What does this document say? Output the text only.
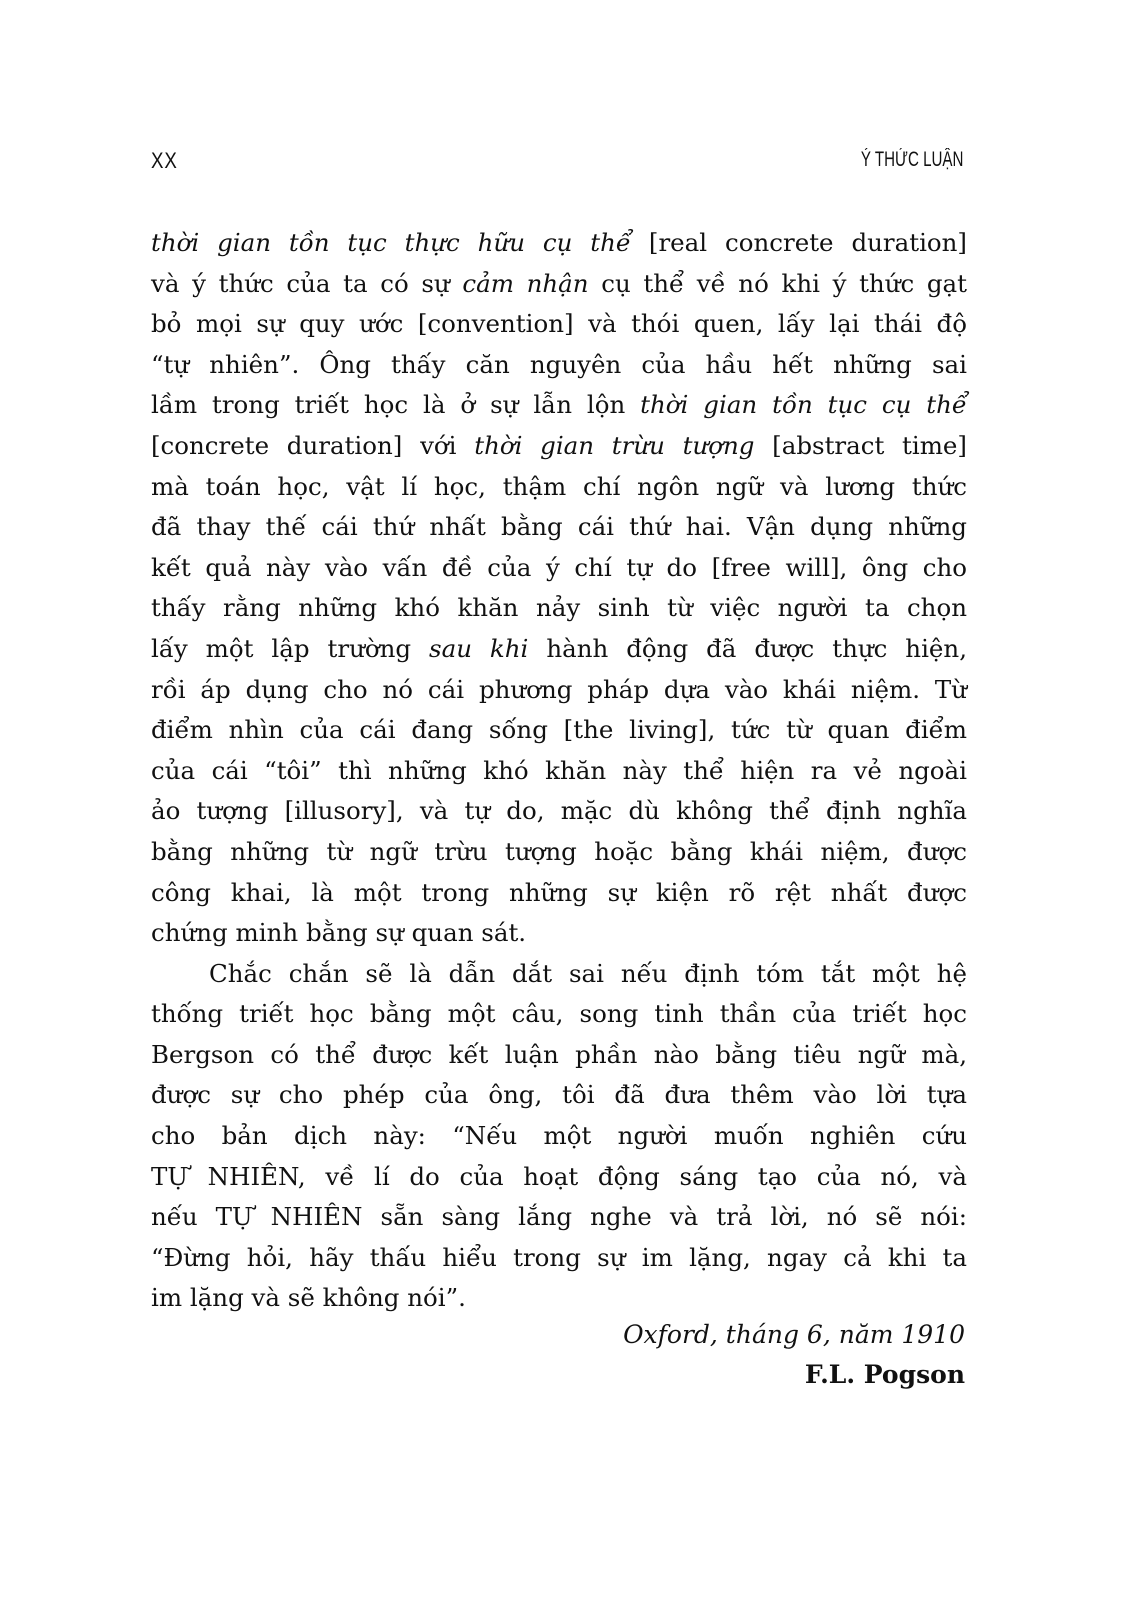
XX	Ý THỨC LUẬN
thời gian tồn tục thực hữu cụ thể [real concrete duration]
và ý thức của ta có sự cảm nhận cụ thể về nó khi ý thức gạt
bỏ mọi sự quy ước [convention] và thói quen, lấy lại thái độ
“tự nhiên”. Ông thấy căn nguyên của hầu hết những sai
lầm trong triết học là ở sự lẫn lộn thời gian tồn tục cụ thể
[concrete duration] với thời gian trừu tượng [abstract time]
mà toán học, vật lí học, thậm chí ngôn ngữ và lương thức
đã thay thế cái thứ nhất bằng cái thứ hai. Vận dụng những
kết quả này vào vấn đề của ý chí tự do [free will], ông cho
thấy rằng những khó khăn nảy sinh từ việc người ta chọn
lấy một lập trường sau khi hành động đã được thực hiện,
rồi áp dụng cho nó cái phương pháp dựa vào khái niệm. Từ
điểm nhìn của cái đang sống [the living], tức từ quan điểm
của cái “tôi” thì những khó khăn này thể hiện ra vẻ ngoài
ảo tượng [illusory], và tự do, mặc dù không thể định nghĩa
bằng những từ ngữ trừu tượng hoặc bằng khái niệm, được
công khai, là một trong những sự kiện rõ rệt nhất được
chứng minh bằng sự quan sát.
Chắc chắn sẽ là dẫn dắt sai nếu định tóm tắt một hệ
thống triết học bằng một câu, song tinh thần của triết học
Bergson có thể được kết luận phần nào bằng tiêu ngữ mà,
được sự cho phép của ông, tôi đã đưa thêm vào lời tựa
cho bản dịch này: “Nếu một người muốn nghiên cứu
TỰ NHIÊN, về lí do của hoạt động sáng tạo của nó, và
nếu TỰ NHIÊN sẵn sàng lắng nghe và trả lời, nó sẽ nói:
“Đừng hỏi, hãy thấu hiểu trong sự im lặng, ngay cả khi ta
im lặng và sẽ không nói”.
Oxford, tháng 6, năm 1910
F.L. Pogson
